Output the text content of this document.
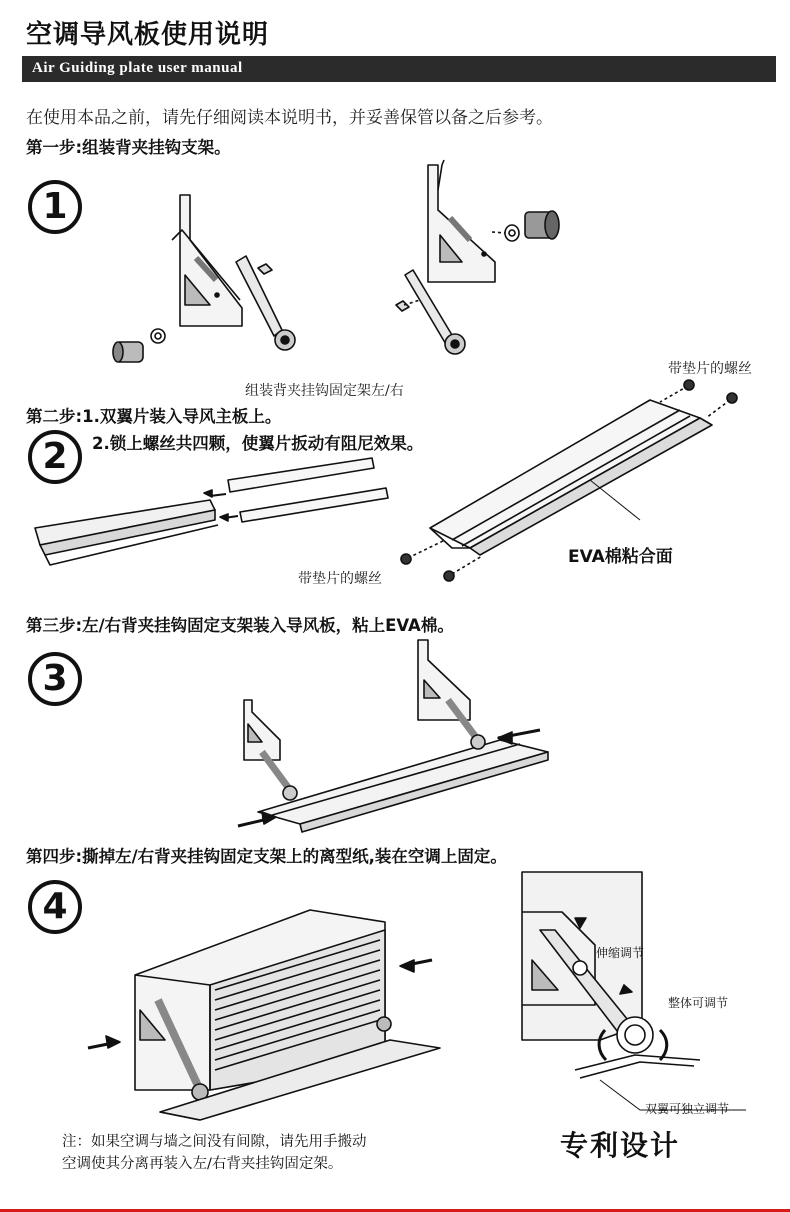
空调导风板使用说明
Air Guiding plate user manual
在使用本品之前，请先仔细阅读本说明书，并妥善保管以备之后参考。
第一步:组装背夹挂钩支架。
第二步:1.双翼片装入导风主板上。
2.锁上螺丝共四颗，使翼片扳动有阻尼效果。
第三步:左/右背夹挂钩固定支架装入导风板，粘上EVA棉。
第四步:撕掉左/右背夹挂钩固定支架上的离型纸,装在空调上固定。
1
2
3
4
组装背夹挂钩固定架左/右
带垫片的螺丝
带垫片的螺丝
EVA棉粘合面
伸缩调节
整体可调节
双翼可独立调节
注：如果空调与墙之间没有间隙，请先用手搬动
空调使其分离再装入左/右背夹挂钩固定架。
专利设计
